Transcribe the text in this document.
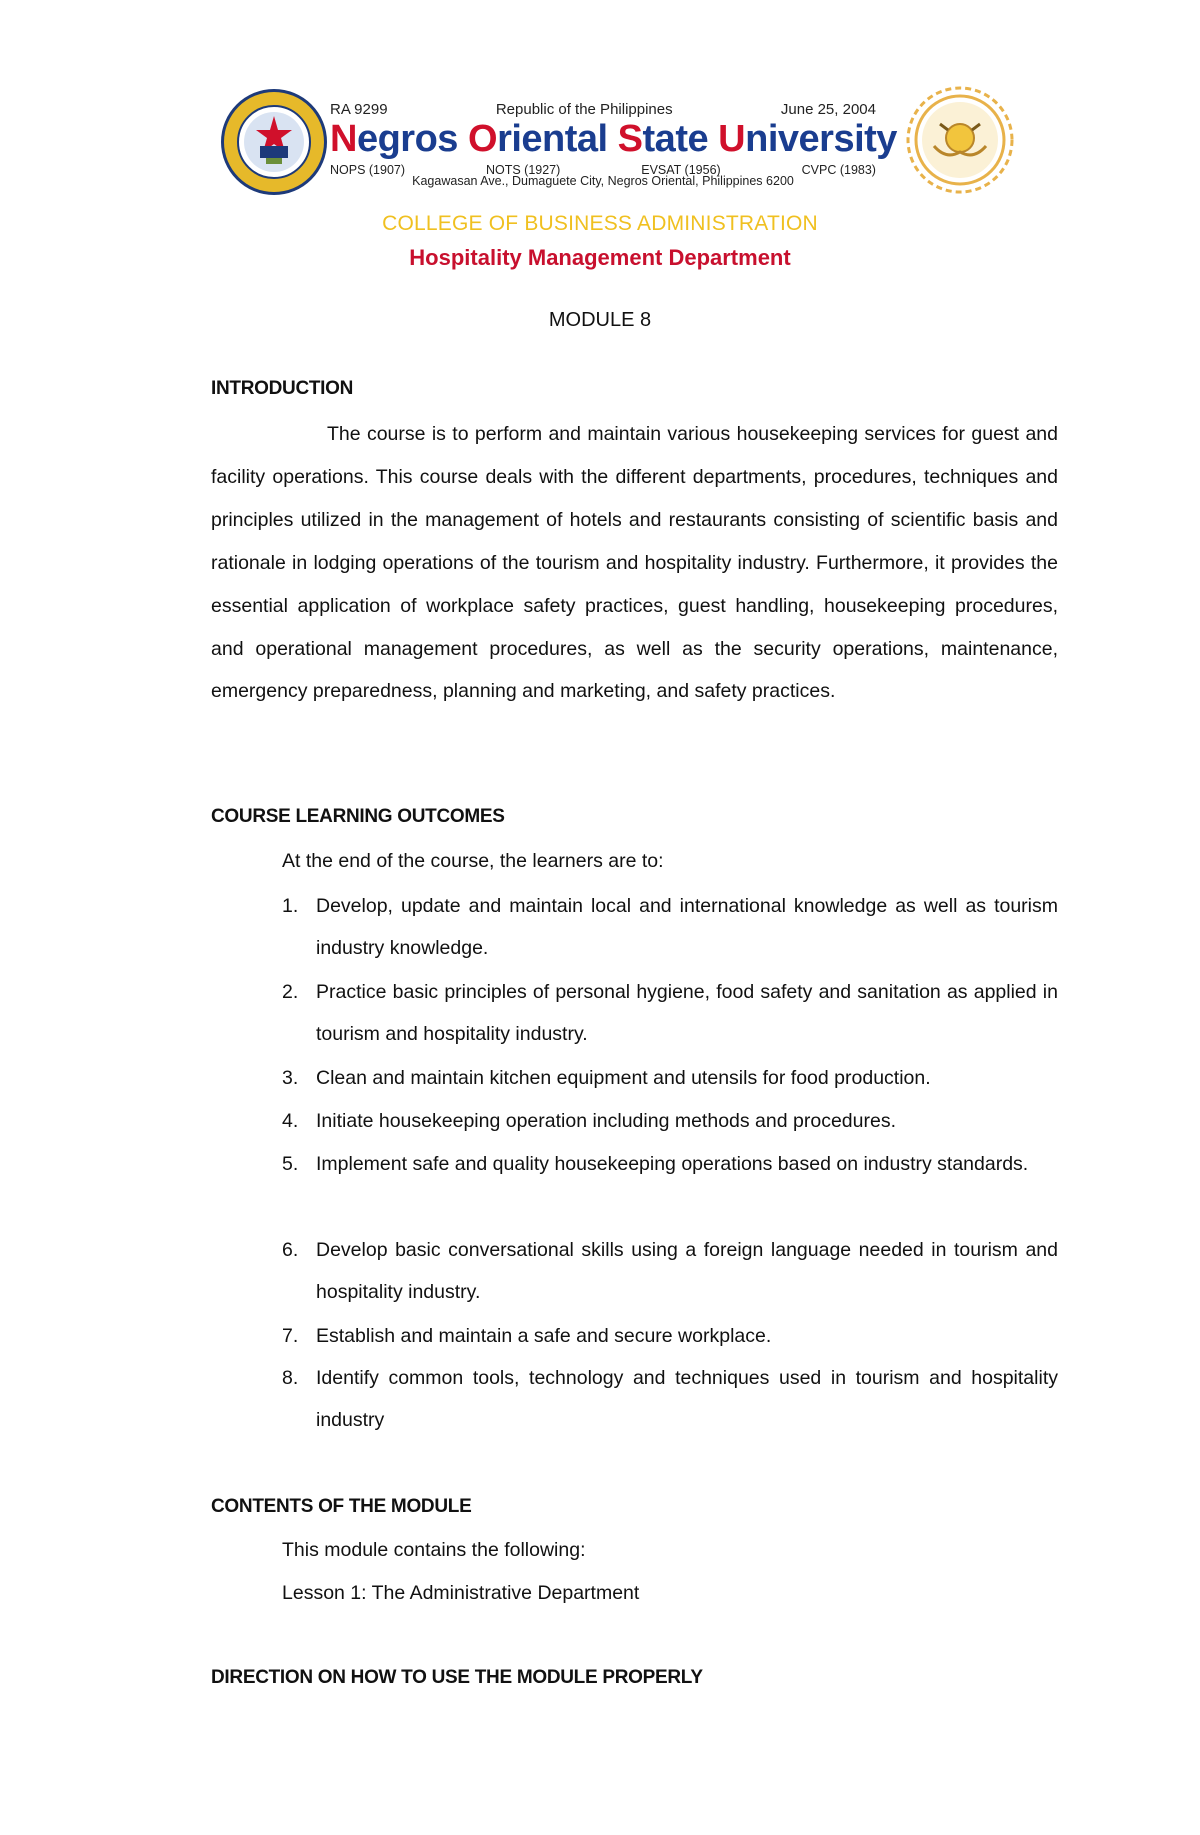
RA 9299	Republic of the Philippines	June 25, 2004
Negros Oriental State University
NOPS (1907)	NOTS (1927)	EVSAT (1956)	CVPC (1983)
Kagawasan Ave., Dumaguete City, Negros Oriental, Philippines 6200
COLLEGE OF BUSINESS ADMINISTRATION
Hospitality Management Department
MODULE 8
INTRODUCTION

The course is to perform and maintain various housekeeping services for guest and facility operations. This course deals with the different departments, procedures, techniques and principles utilized in the management of hotels and restaurants consisting of scientific basis and rationale in lodging operations of the tourism and hospitality industry. Furthermore, it provides the essential application of workplace safety practices, guest handling, housekeeping procedures, and operational management procedures, as well as the security operations, maintenance, emergency preparedness, planning and marketing, and safety practices.

COURSE LEARNING OUTCOMES
At the end of the course, the learners are to:
1. Develop, update and maintain local and international knowledge as well as tourism industry knowledge.
2. Practice basic principles of personal hygiene, food safety and sanitation as applied in tourism and hospitality industry.
3. Clean and maintain kitchen equipment and utensils for food production.
4. Initiate housekeeping operation including methods and procedures.
5. Implement safe and quality housekeeping operations based on industry standards.
6. Develop basic conversational skills using a foreign language needed in tourism and hospitality industry.
7. Establish and maintain a safe and secure workplace.
8. Identify common tools, technology and techniques used in tourism and hospitality industry
CONTENTS OF THE MODULE
This module contains the following:
Lesson 1: The Administrative Department
DIRECTION ON HOW TO USE THE MODULE PROPERLY
